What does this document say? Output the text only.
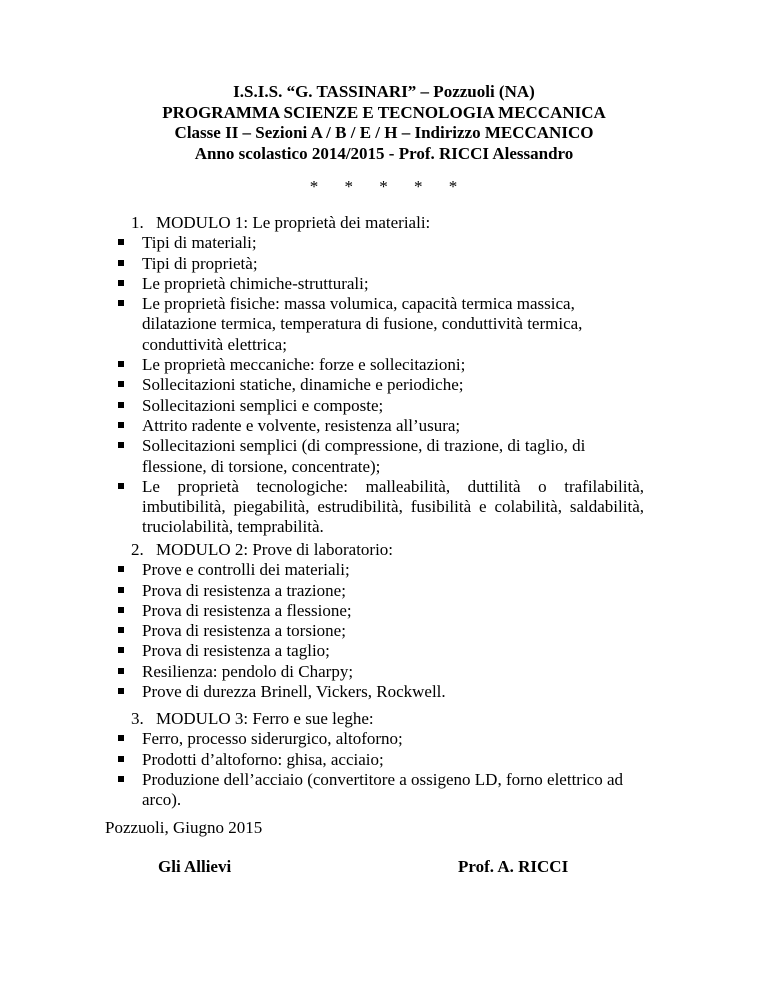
I.S.I.S. “G. TASSINARI” – Pozzuoli (NA)
PROGRAMMA SCIENZE E TECNOLOGIA MECCANICA
Classe II – Sezioni A / B / E / H – Indirizzo MECCANICO
Anno scolastico 2014/2015 - Prof. RICCI Alessandro
* * * * *
1. MODULO 1: Le proprietà dei materiali:
Tipi di materiali;
Tipi di proprietà;
Le proprietà chimiche-strutturali;
Le proprietà fisiche: massa volumica, capacità termica massica, dilatazione termica, temperatura di fusione, conduttività termica, conduttività elettrica;
Le proprietà meccaniche: forze e sollecitazioni;
Sollecitazioni statiche, dinamiche e periodiche;
Sollecitazioni semplici e composte;
Attrito radente e volvente, resistenza all’usura;
Sollecitazioni semplici (di compressione, di trazione, di taglio, di flessione, di torsione, concentrate);
Le proprietà tecnologiche: malleabilità, duttilità o trafilabilità, imbutibilità, piegabilità, estrudibilità, fusibilità e colabilità, saldabilità, truciolabilità, temprabilità.
2. MODULO 2: Prove di laboratorio:
Prove e controlli dei materiali;
Prova di resistenza a trazione;
Prova di resistenza a flessione;
Prova di resistenza a torsione;
Prova di resistenza a taglio;
Resilienza: pendolo di Charpy;
Prove di durezza Brinell, Vickers, Rockwell.
3. MODULO 3: Ferro e sue leghe:
Ferro, processo siderurgico, altoforno;
Prodotti d’altoforno: ghisa, acciaio;
Produzione dell’acciaio (convertitore a ossigeno LD, forno elettrico ad arco).
Pozzuoli, Giugno 2015
Gli Allievi	Prof. A. RICCI
